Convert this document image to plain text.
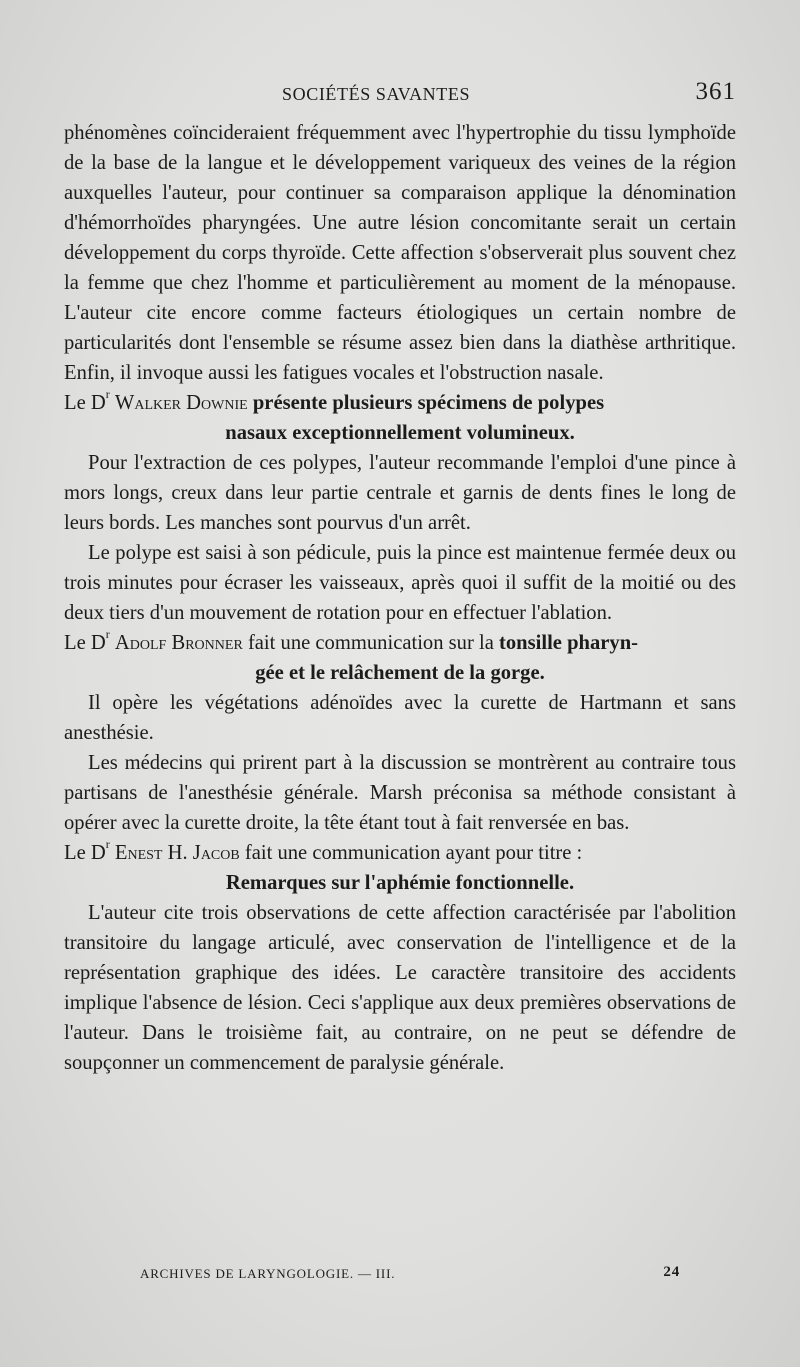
SOCIÉTÉS SAVANTES	361

phénomènes coïncideraient fréquemment avec l'hypertrophie du tissu lymphoïde de la base de la langue et le développement variqueux des veines de la région auxquelles l'auteur, pour continuer sa comparaison applique la dénomination d'hémorrhoïdes pharyngées. Une autre lésion concomitante serait un certain développement du corps thyroïde. Cette affection s'observerait plus souvent chez la femme que chez l'homme et particulièrement au moment de la ménopause. L'auteur cite encore comme facteurs étiologiques un certain nombre de particularités dont l'ensemble se résume assez bien dans la diathèse arthritique. Enfin, il invoque aussi les fatigues vocales et l'obstruction nasale.

Le $D^r$ Walker Downie présente plusieurs spécimens de polypes
nasaux exceptionnellement volumineux.

Pour l'extraction de ces polypes, l'auteur recommande l'emploi d'une pince à mors longs, creux dans leur partie centrale et garnis de dents fines le long de leurs bords. Les manches sont pourvus d'un arrêt.

Le polype est saisi à son pédicule, puis la pince est maintenue fermée deux ou trois minutes pour écraser les vaisseaux, après quoi il suffit de la moitié ou des deux tiers d'un mouvement de rotation pour en effectuer l'ablation.

Le $D^r$ Adolf Bronner fait une communication sur la tonsille pharyn-
gée et le relâchement de la gorge.

Il opère les végétations adénoïdes avec la curette de Hartmann et sans anesthésie.

Les médecins qui prirent part à la discussion se montrèrent au contraire tous partisans de l'anesthésie générale. Marsh préconisa sa méthode consistant à opérer avec la curette droite, la tête étant tout à fait renversée en bas.

Le $D^r$ Enest H. Jacob fait une communication ayant pour titre :
Remarques sur l'aphémie fonctionnelle.

L'auteur cite trois observations de cette affection caractérisée par l'abolition transitoire du langage articulé, avec conservation de l'intelligence et de la représentation graphique des idées. Le caractère transitoire des accidents implique l'absence de lésion. Ceci s'applique aux deux premières observations de l'auteur. Dans le troisième fait, au contraire, on ne peut se défendre de soupçonner un commencement de paralysie générale.

ARCHIVES DE LARYNGOLOGIE. — III.	24
